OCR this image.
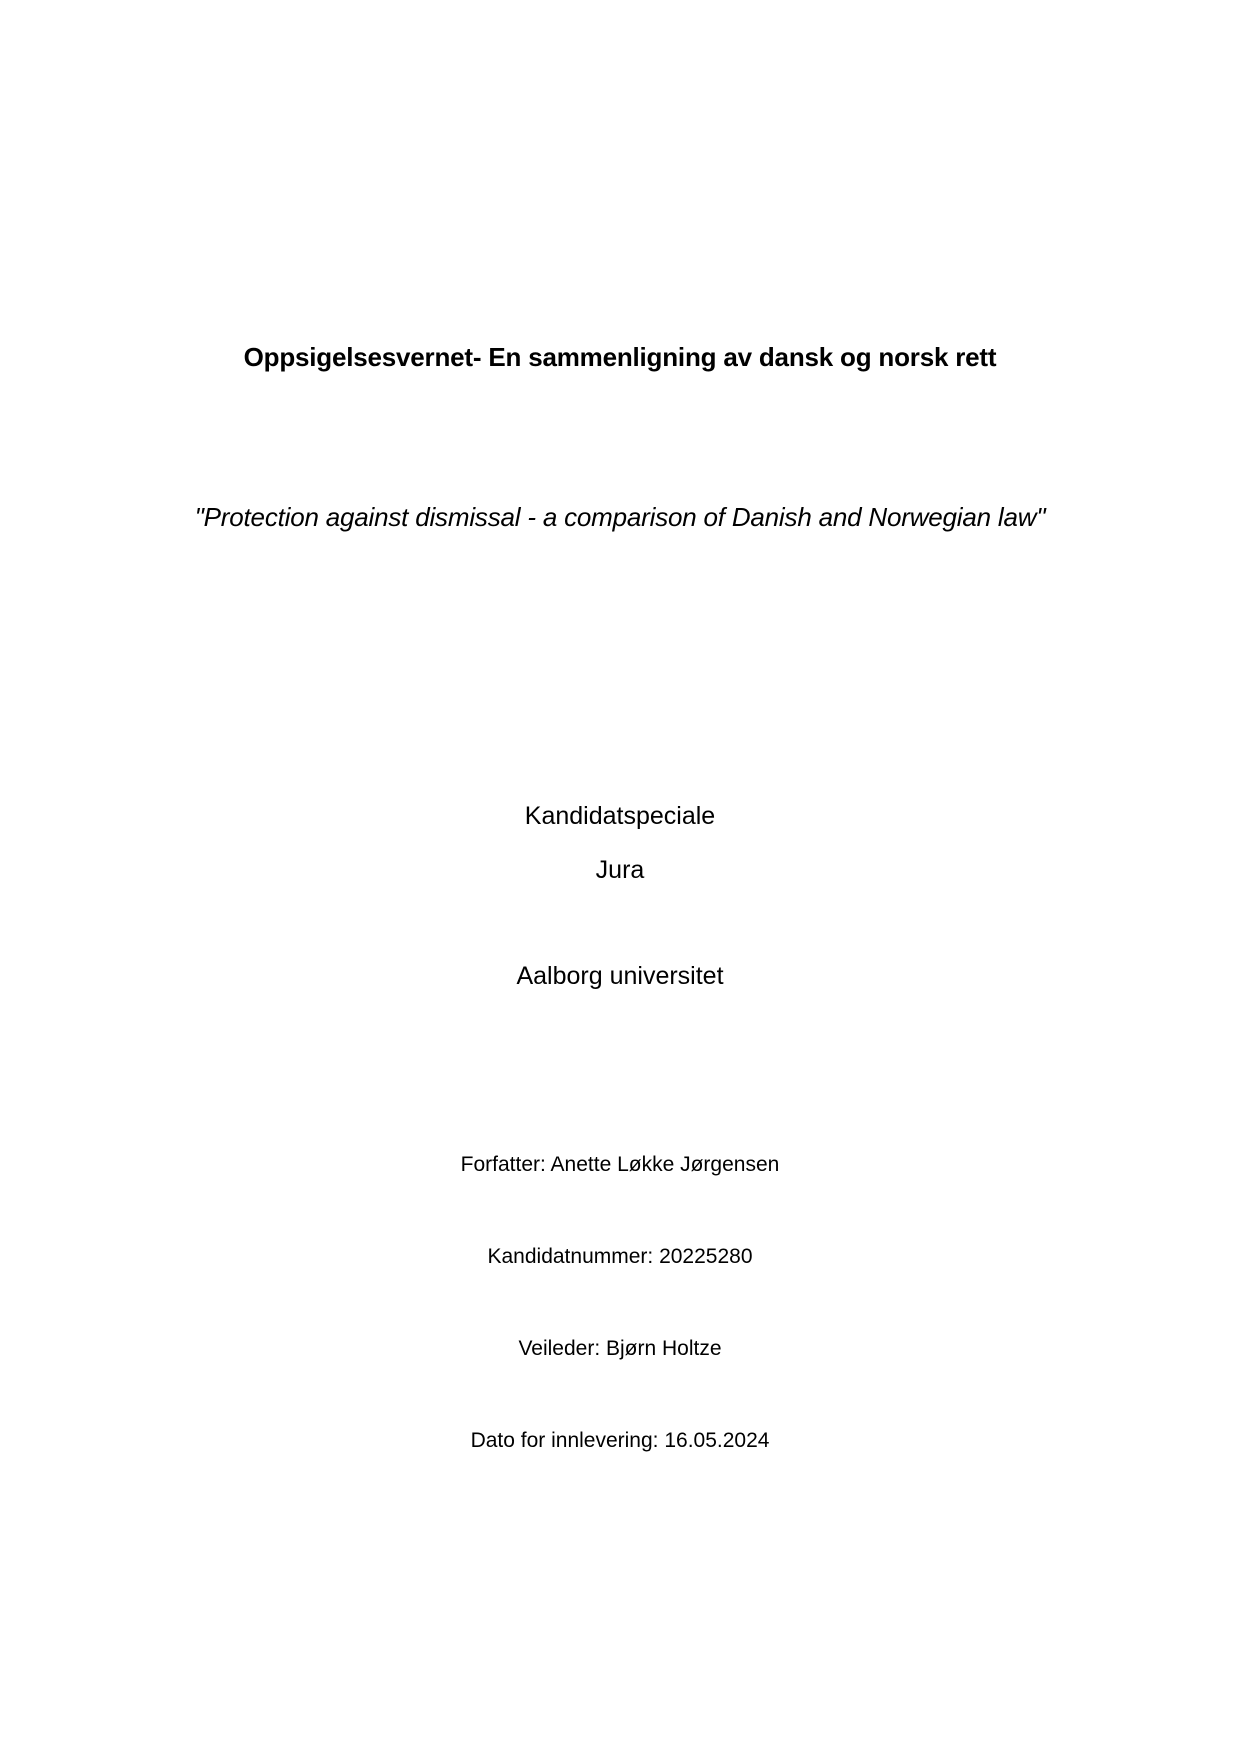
Oppsigelsesvernet- En sammenligning av dansk og norsk rett
"Protection against dismissal - a comparison of Danish and Norwegian law"
Kandidatspeciale
Jura
Aalborg universitet
Forfatter: Anette Løkke Jørgensen
Kandidatnummer: 20225280
Veileder: Bjørn Holtze
Dato for innlevering: 16.05.2024
